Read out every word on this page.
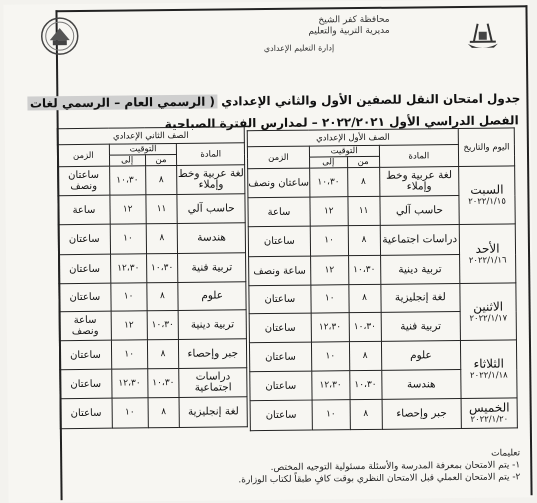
محافظة كفر الشيخ
مديرية التربية والتعليم
إدارة التعليم الإعدادي
جدول امتحان النقل للصفين الأول والثاني الإعدادي ( الرسمي العام – الرسمي لغات
الفصل الدراسي الأول ٢٠٢٢/٢٠٢١ – لمدارس الفترة الصباحية
اليوم والتاريخ	الصف الأول الإعدادي			
	المادة	التوقيت		الزمن
		من	إلى	

السبت
٢٠٢٢/١/١٥	لغة عربية وخط وإملاء	٨	١٠،٣٠	ساعتان ونصف
	حاسب آلي	١١	١٢	ساعة

الأحد
٢٠٢٢/١/١٦	دراسات اجتماعية	٨	١٠	ساعتان
	تربية دينية	١٠،٣٠	١٢	ساعة ونصف

الاثنين
٢٠٢٢/١/١٧	لغة إنجليزية	٨	١٠	ساعتان
	تربية فنية	١٠،٣٠	١٢،٣٠	ساعتان

الثلاثاء
٢٠٢٢/١/١٨	علوم	٨	١٠	ساعتان
	هندسة	١٠،٣٠	١٢،٣٠	ساعتان

الخميس
٢٠٢٢/١/٢٠	جبر وإحصاء	٨	١٠	ساعتان
الصف الثاني الإعدادي			
المادة	التوقيت		الزمن
	من	إلى	
لغة عربية وخط وإملاء	٨	١٠،٣٠	ساعتان ونصف
حاسب آلي	١١	١٢	ساعة
هندسة	٨	١٠	ساعتان
تربية فنية	١٠،٣٠	١٢،٣٠	ساعتان
علوم	٨	١٠	ساعتان
تربية دينية	١٠،٣٠	١٢	ساعة ونصف
جبر وإحصاء	٨	١٠	ساعتان
دراسات اجتماعية	١٠،٣٠	١٢،٣٠	ساعتان
لغة إنجليزية	٨	١٠	ساعتان
تعليمات
١- يتم الامتحان بمعرفة المدرسة والأسئلة مسئولية التوجيه المختص.
٢- يتم الامتحان العملي قبل الامتحان النظري بوقت كافٍ طبقاً لكتاب الوزارة.
